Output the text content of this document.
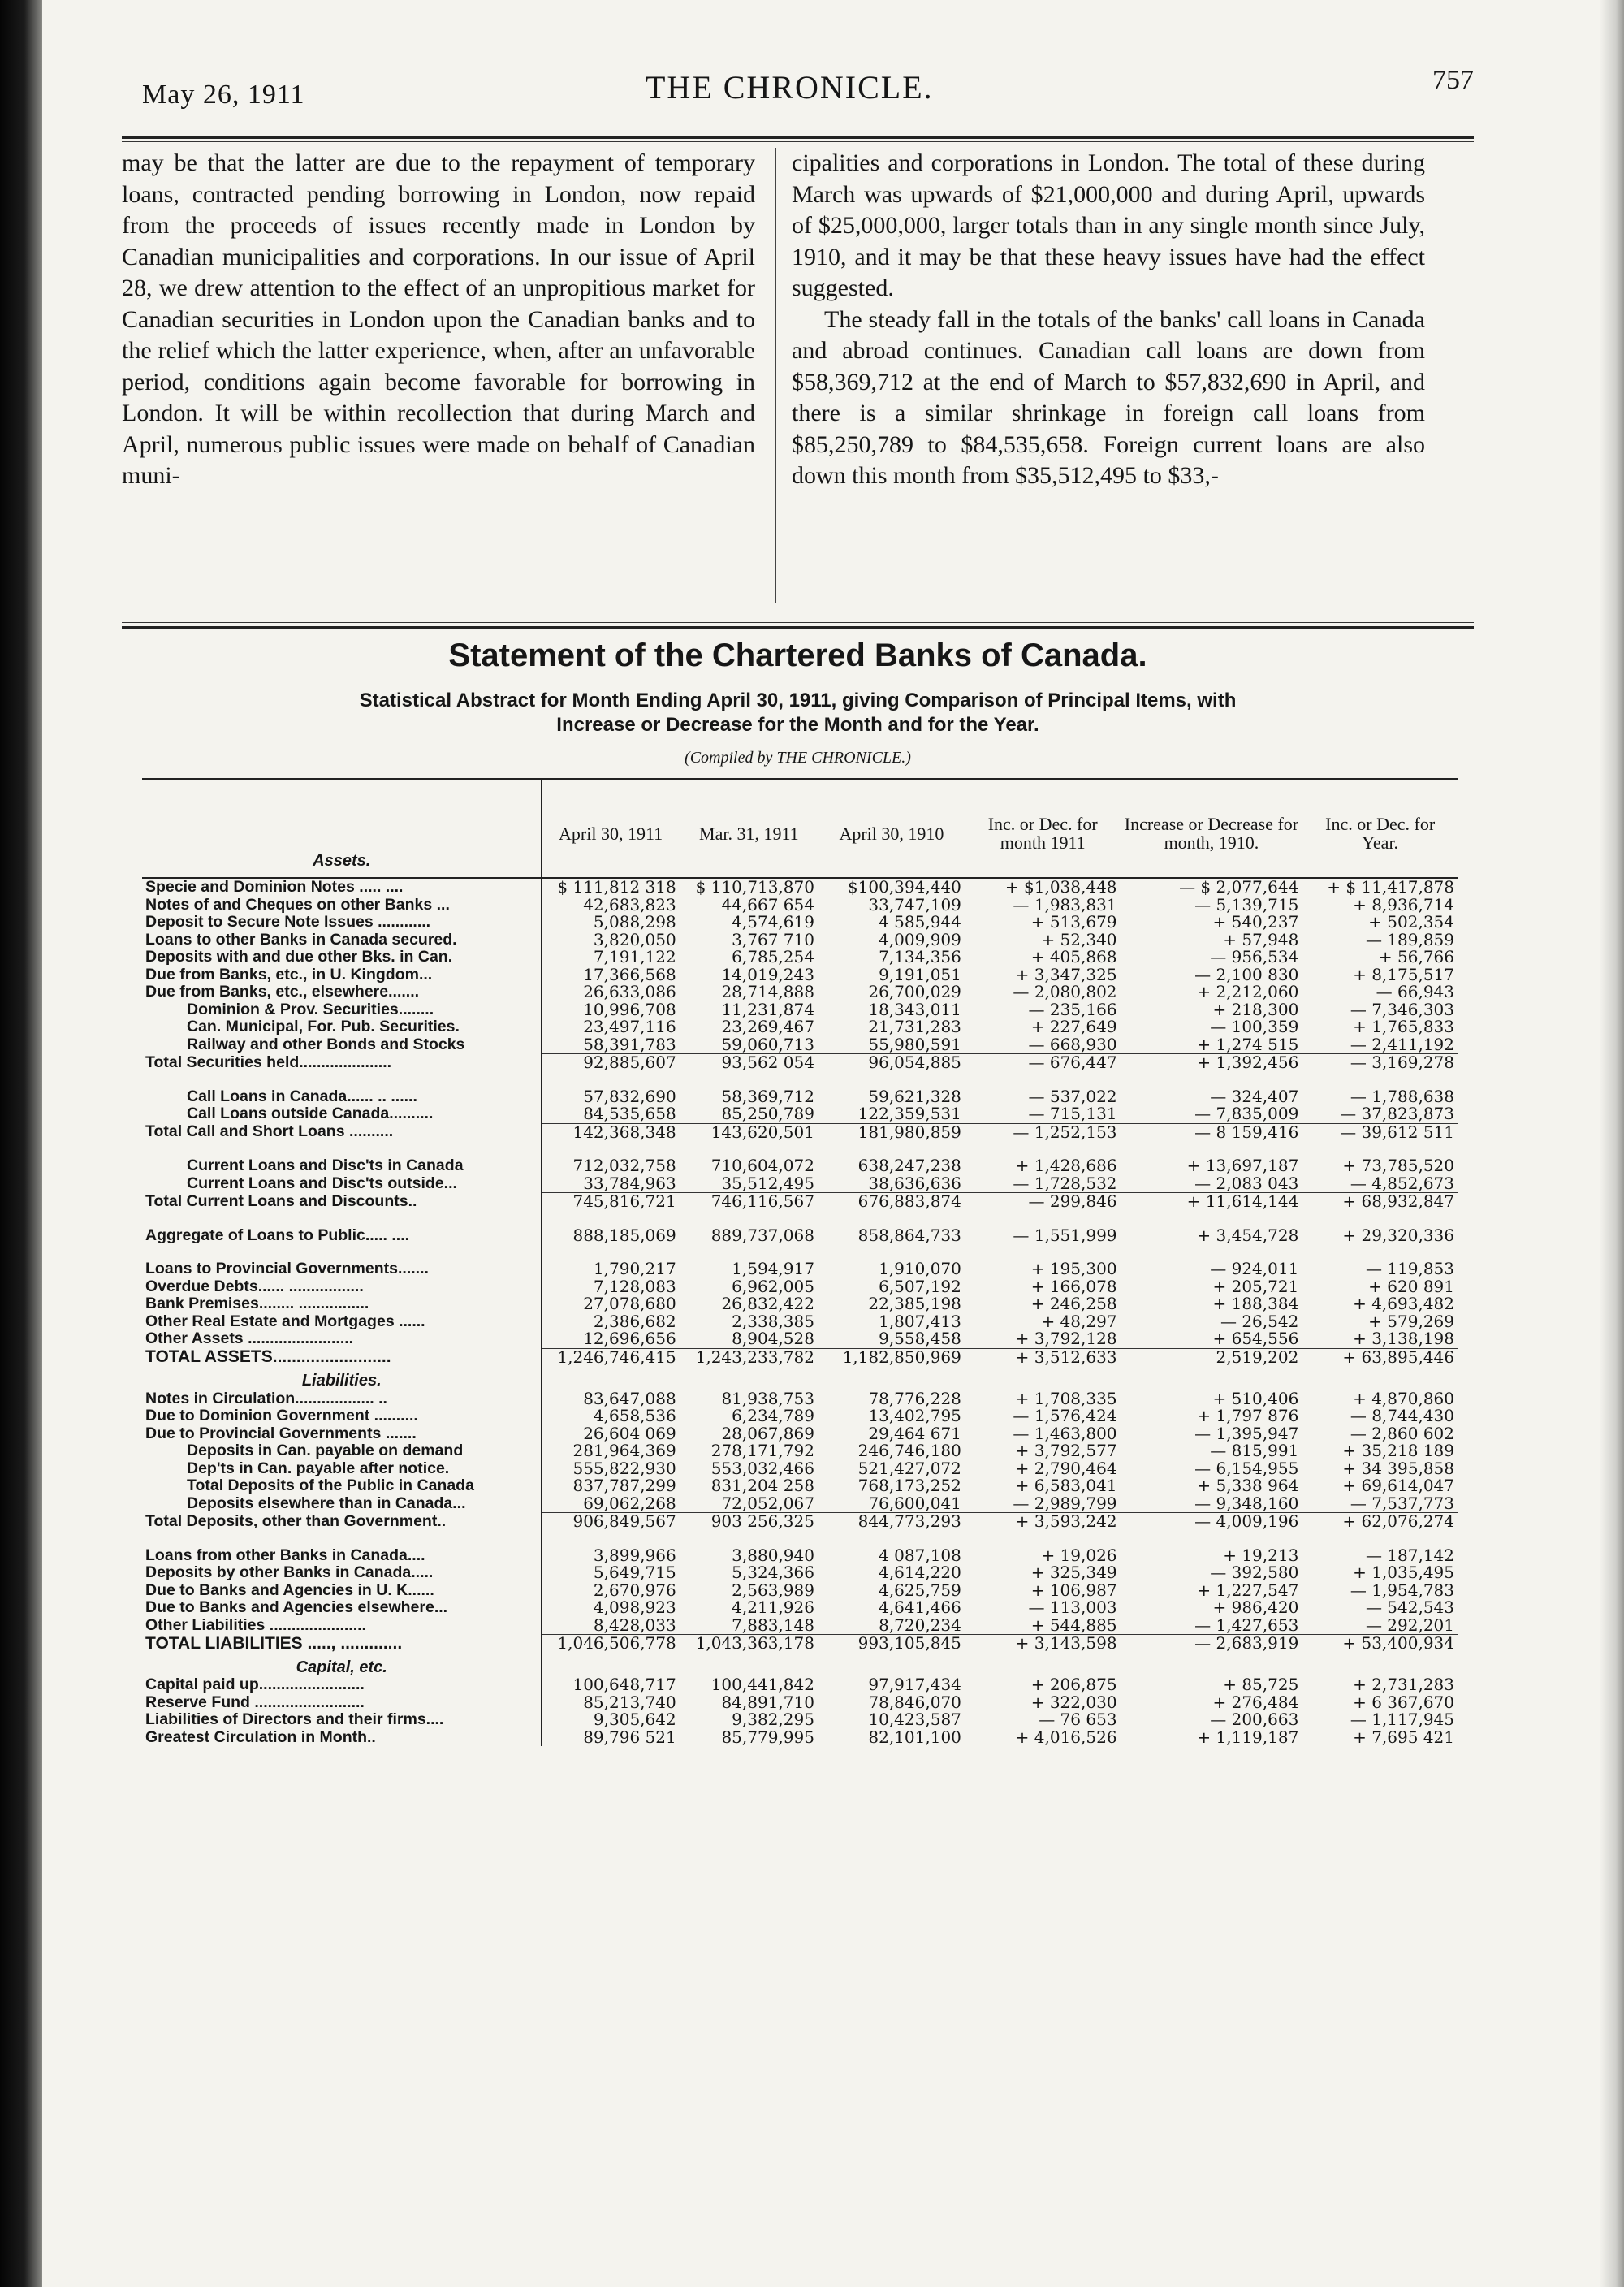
May 26, 1911	THE CHRONICLE.	757

may be that the latter are due to the repayment of temporary loans, contracted pending borrowing in London, now repaid from the proceeds of issues recently made in London by Canadian municipalities and corporations. In our issue of April 28, we drew attention to the effect of an unpropitious market for Canadian securities in London upon the Canadian banks and to the relief which the latter experience, when, after an unfavorable period, conditions again become favorable for borrowing in London. It will be within recollection that during March and April, numerous public issues were made on behalf of Canadian muni-

cipalities and corporations in London. The total of these during March was upwards of $21,000,000 and during April, upwards of $25,000,000, larger totals than in any single month since July, 1910, and it may be that these heavy issues have had the effect suggested.

The steady fall in the totals of the banks' call loans in Canada and abroad continues. Canadian call loans are down from $58,369,712 at the end of March to $57,832,690 in April, and there is a similar shrinkage in foreign call loans from $85,250,789 to $84,535,658. Foreign current loans are also down this month from $35,512,495 to $33,-

Statement of the Chartered Banks of Canada.
Statistical Abstract for Month Ending April 30, 1911, giving Comparison of Principal Items, with
Increase or Decrease for the Month and for the Year.
(Compiled by THE CHRONICLE.)
Assets.	April 30, 1911	Mar. 31, 1911	April 30, 1910	Inc. or Dec. for month 1911	Increase or Decrease for month, 1910.	Inc. or Dec. for Year.
Specie and Dominion Notes ..... ....	$ 111,812 318	$ 110,713,870	$100,394,440	+ $1,038,448	— $ 2,077,644	+ $ 11,417,878
Notes of and Cheques on other Banks ...	42,683,823	44,667 654	33,747,109	— 1,983,831	— 5,139,715	+ 8,936,714
Deposit to Secure Note Issues ............	5,088,298	4,574,619	4 585,944	+ 513,679	+ 540,237	+ 502,354
Loans to other Banks in Canada secured.	3,820,050	3,767 710	4,009,909	+ 52,340	+ 57,948	— 189,859
Deposits with and due other Bks. in Can.	7,191,122	6,785,254	7,134,356	+ 405,868	— 956,534	+ 56,766
Due from Banks, etc., in U. Kingdom...	17,366,568	14,019,243	9,191,051	+ 3,347,325	— 2,100 830	+ 8,175,517
Due from Banks, etc., elsewhere.......	26,633,086	28,714,888	26,700,029	— 2,080,802	+ 2,212,060	— 66,943
Dominion & Prov. Securities........	10,996,708	11,231,874	18,343,011	— 235,166	+ 218,300	— 7,346,303
Can. Municipal, For. Pub. Securities.	23,497,116	23,269,467	21,731,283	+ 227,649	— 100,359	+ 1,765,833
Railway and other Bonds and Stocks	58,391,783	59,060,713	55,980,591	— 668,930	+ 1,274 515	— 2,411,192
Total Securities held.....................	92,885,607	93,562 054	96,054,885	— 676,447	+ 1,392,456	— 3,169,278

Call Loans in Canada...... .. ......	57,832,690	58,369,712	59,621,328	— 537,022	— 324,407	— 1,788,638
Call Loans outside Canada..........	84,535,658	85,250,789	122,359,531	— 715,131	— 7,835,009	— 37,823,873
Total Call and Short Loans ..........	142,368,348	143,620,501	181,980,859	— 1,252,153	— 8 159,416	— 39,612 511

Current Loans and Disc'ts in Canada	712,032,758	710,604,072	638,247,238	+ 1,428,686	+ 13,697,187	+ 73,785,520
Current Loans and Disc'ts outside...	33,784,963	35,512,495	38,636,636	— 1,728,532	— 2,083 043	— 4,852,673
Total Current Loans and Discounts..	745,816,721	746,116,567	676,883,874	— 299,846	+ 11,614,144	+ 68,932,847

Aggregate of Loans to Public..... ....	888,185,069	889,737,068	858,864,733	— 1,551,999	+ 3,454,728	+ 29,320,336

Loans to Provincial Governments.......	1,790,217	1,594,917	1,910,070	+ 195,300	— 924,011	— 119,853
Overdue Debts...... .................	7,128,083	6,962,005	6,507,192	+ 166,078	+ 205,721	+ 620 891
Bank Premises........ ................	27,078,680	26,832,422	22,385,198	+ 246,258	+ 188,384	+ 4,693,482
Other Real Estate and Mortgages ......	2,386,682	2,338,385	1,807,413	+ 48,297	— 26,542	+ 579,269
Other Assets ........................	12,696,656	8,904,528	9,558,458	+ 3,792,128	+ 654,556	+ 3,138,198
TOTAL ASSETS.........................	1,246,746,415	1,243,233,782	1,182,850,969	+ 3,512,633	2,519,202	+ 63,895,446
Liabilities.						
Notes in Circulation.................. ..	83,647,088	81,938,753	78,776,228	+ 1,708,335	+ 510,406	+ 4,870,860
Due to Dominion Government ..........	4,658,536	6,234,789	13,402,795	— 1,576,424	+ 1,797 876	— 8,744,430
Due to Provincial Governments .......	26,604 069	28,067,869	29,464 671	— 1,463,800	— 1,395,947	— 2,860 602
Deposits in Can. payable on demand	281,964,369	278,171,792	246,746,180	+ 3,792,577	— 815,991	+ 35,218 189
Dep'ts in Can. payable after notice.	555,822,930	553,032,466	521,427,072	+ 2,790,464	— 6,154,955	+ 34 395,858
Total Deposits of the Public in Canada	837,787,299	831,204 258	768,173,252	+ 6,583,041	+ 5,338 964	+ 69,614,047
Deposits elsewhere than in Canada...	69,062,268	72,052,067	76,600,041	— 2,989,799	— 9,348,160	— 7,537,773
Total Deposits, other than Government..	906,849,567	903 256,325	844,773,293	+ 3,593,242	— 4,009,196	+ 62,076,274

Loans from other Banks in Canada....	3,899,966	3,880,940	4 087,108	+ 19,026	+ 19,213	— 187,142
Deposits by other Banks in Canada.....	5,649,715	5,324,366	4,614,220	+ 325,349	— 392,580	+ 1,035,495
Due to Banks and Agencies in U. K......	2,670,976	2,563,989	4,625,759	+ 106,987	+ 1,227,547	— 1,954,783
Due to Banks and Agencies elsewhere...	4,098,923	4,211,926	4,641,466	— 113,003	+ 986,420	— 542,543
Other Liabilities ......................	8,428,033	7,883,148	8,720,234	+ 544,885	— 1,427,653	— 292,201
TOTAL LIABILITIES ....., .............	1,046,506,778	1,043,363,178	993,105,845	+ 3,143,598	— 2,683,919	+ 53,400,934
Capital, etc.						
Capital paid up........................	100,648,717	100,441,842	97,917,434	+ 206,875	+ 85,725	+ 2,731,283
Reserve Fund .........................	85,213,740	84,891,710	78,846,070	+ 322,030	+ 276,484	+ 6 367,670
Liabilities of Directors and their firms....	9,305,642	9,382,295	10,423,587	— 76 653	— 200,663	— 1,117,945
Greatest Circulation in Month..	89,796 521	85,779,995	82,101,100	+ 4,016,526	+ 1,119,187	+ 7,695 421
